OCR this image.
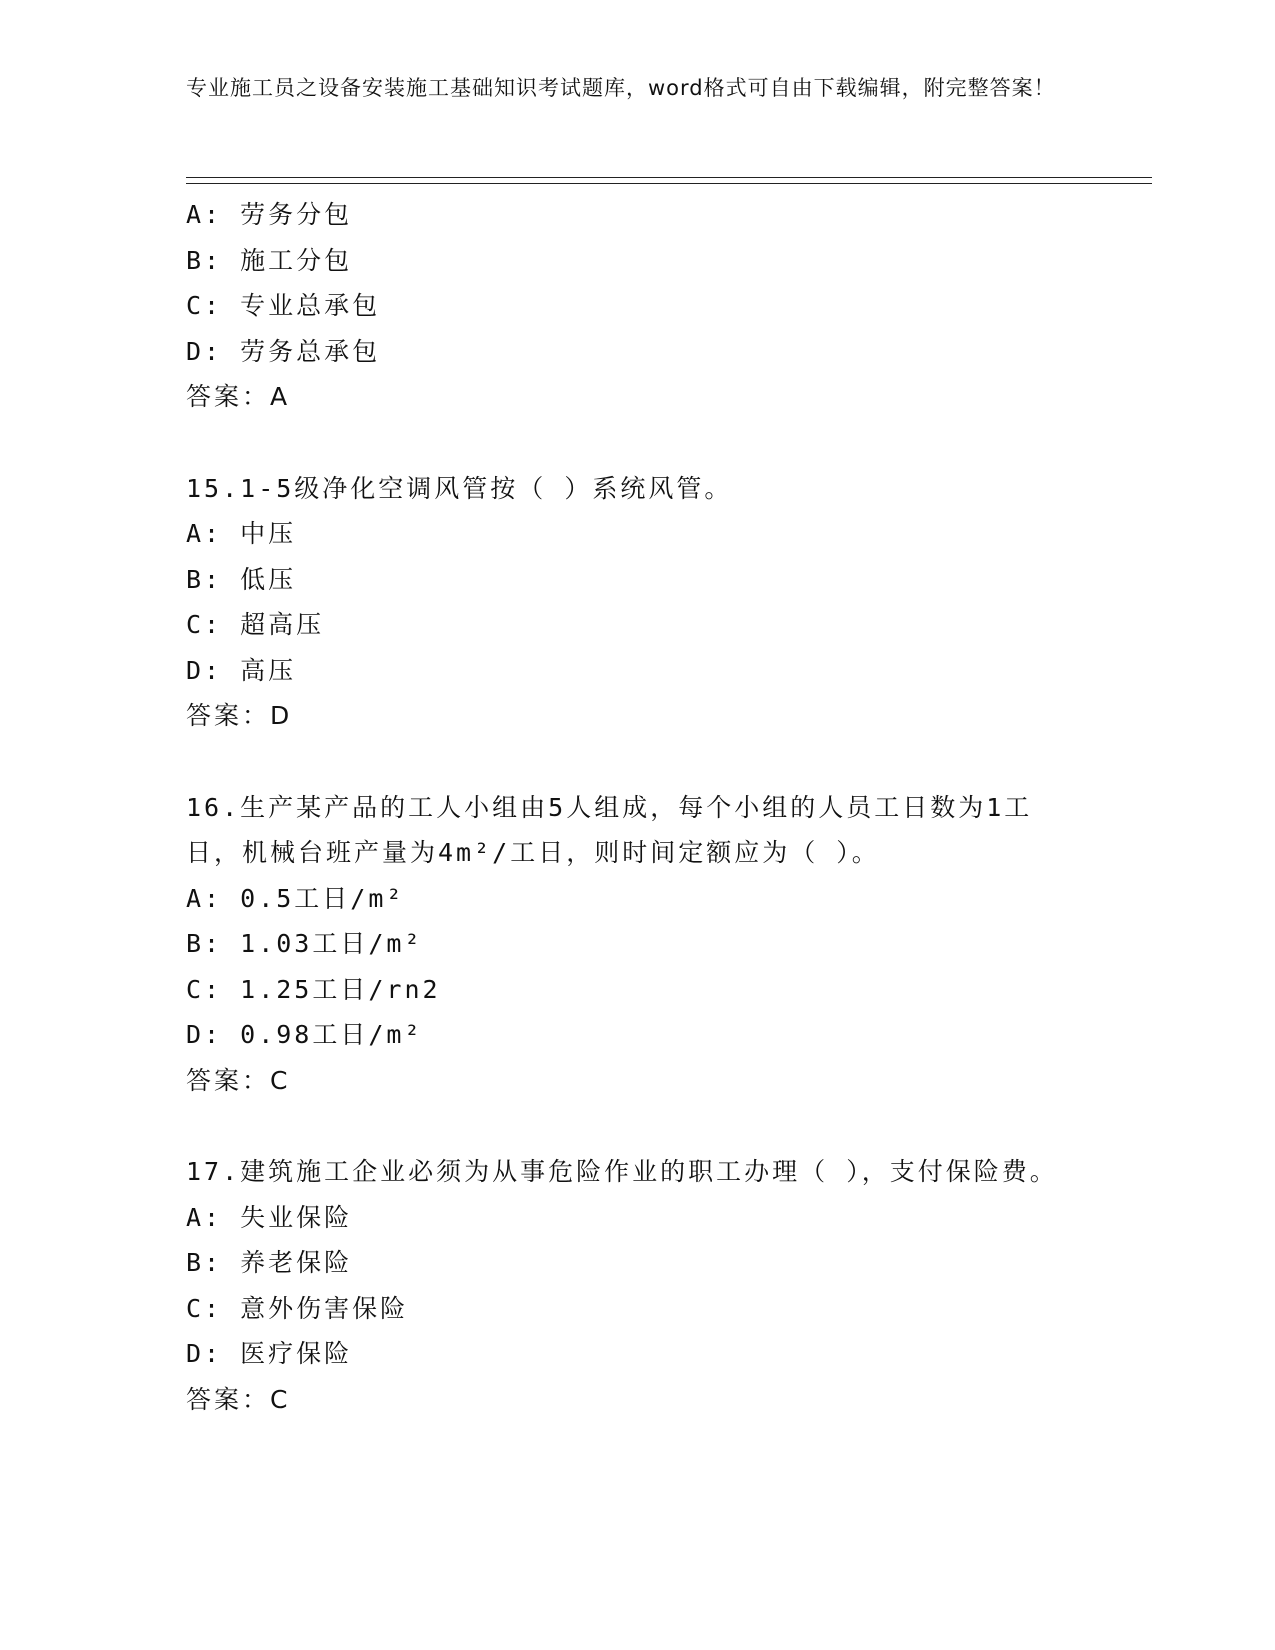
专业施工员之设备安装施工基础知识考试题库，word格式可自由下载编辑，附完整答案！

A: 劳务分包

B: 施工分包

C: 专业总承包

D: 劳务总承包

答案：A

15.1-5级净化空调风管按（ ）系统风管。

A: 中压

B: 低压

C: 超高压

D: 高压

答案：D

16.生产某产品的工人小组由5人组成，每个小组的人员工日数为1工日，机械台班产量为4m²/工日，则时间定额应为（ ）。

A: 0.5工日/m²

B: 1.03工日/m²

C: 1.25工日/rn2

D: 0.98工日/m²

答案：C

17.建筑施工企业必须为从事危险作业的职工办理（ ），支付保险费。

A: 失业保险

B: 养老保险

C: 意外伤害保险

D: 医疗保险

答案：C
